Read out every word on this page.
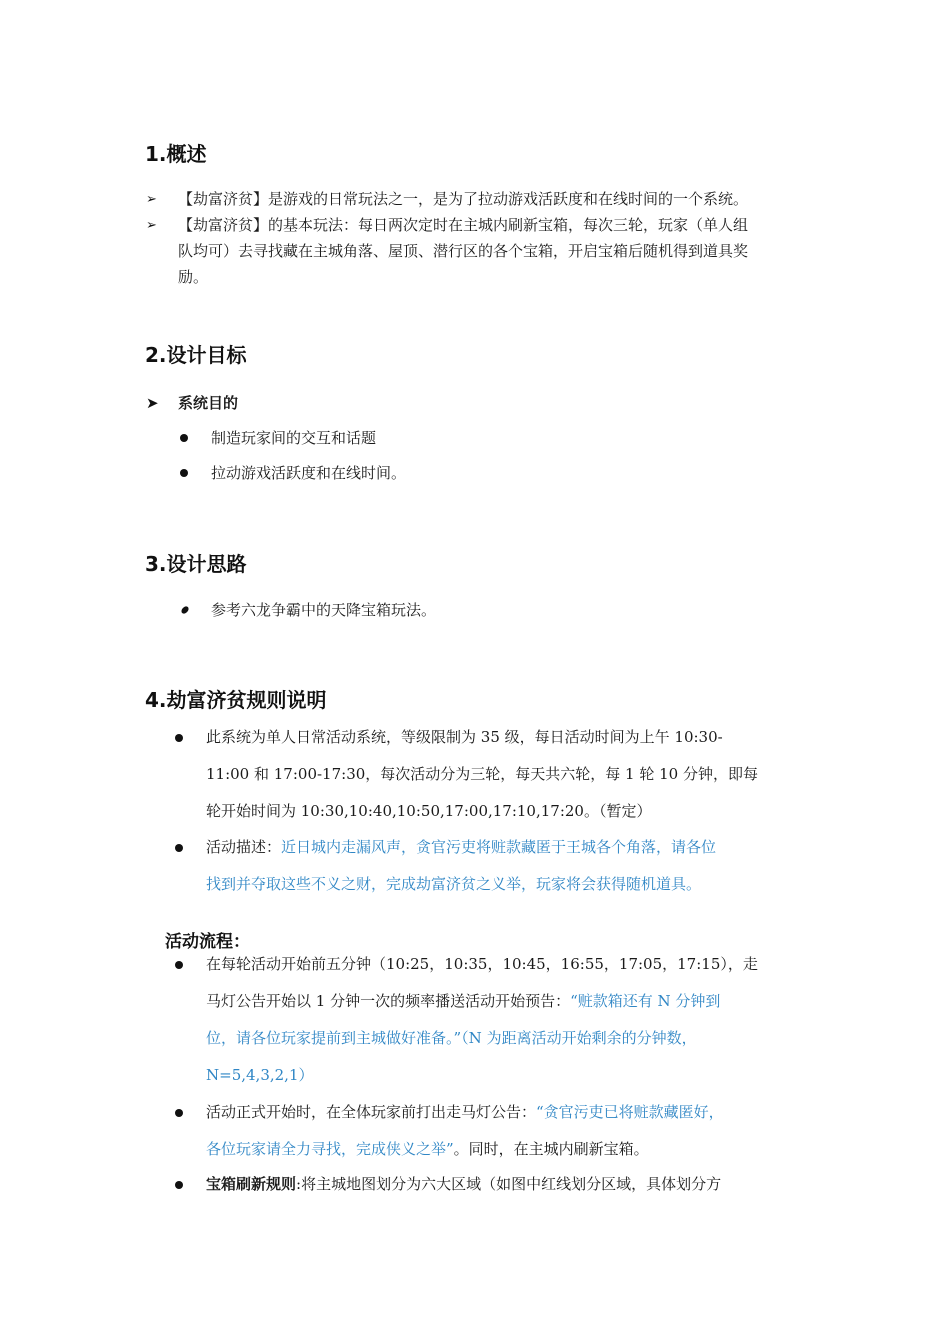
1.概述
➢ 【劫富济贫】是游戏的日常玩法之一，是为了拉动游戏活跃度和在线时间的一个系统。
➢ 【劫富济贫】的基本玩法：每日两次定时在主城内刷新宝箱，每次三轮，玩家（单人组
队均可）去寻找藏在主城角落、屋顶、潜行区的各个宝箱，开启宝箱后随机得到道具奖
励。
2.设计目标
➤ 系统目的
制造玩家间的交互和话题
拉动游戏活跃度和在线时间。
3.设计思路
参考六龙争霸中的天降宝箱玩法。
4.劫富济贫规则说明
此系统为单人日常活动系统，等级限制为 35 级，每日活动时间为上午 10:30-
11:00 和 17:00-17:30，每次活动分为三轮，每天共六轮，每 1 轮 10 分钟，即每
轮开始时间为 10:30,10:40,10:50,17:00,17:10,17:20。（暂定）
活动描述：近日城内走漏风声，贪官污吏将赃款藏匿于王城各个角落，请各位
找到并夺取这些不义之财，完成劫富济贫之义举，玩家将会获得随机道具。
活动流程：
在每轮活动开始前五分钟（10:25，10:35，10:45，16:55，17:05，17:15），走
马灯公告开始以 1 分钟一次的频率播送活动开始预告：“赃款箱还有 N 分钟到
位，请各位玩家提前到主城做好准备。”（N 为距离活动开始剩余的分钟数，
N=5,4,3,2,1）
活动正式开始时，在全体玩家前打出走马灯公告：“贪官污吏已将赃款藏匿好，
各位玩家请全力寻找，完成侠义之举”。同时，在主城内刷新宝箱。
宝箱刷新规则:将主城地图划分为六大区域（如图中红线划分区域，具体划分方
